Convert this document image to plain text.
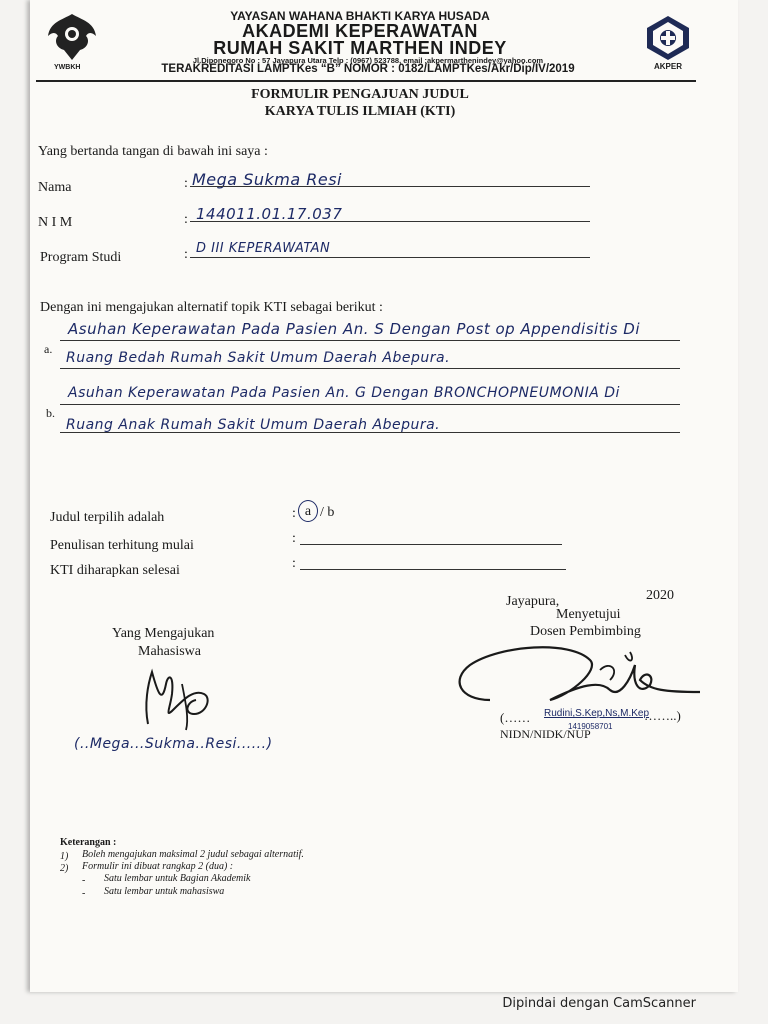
YWBKH
YAYASAN WAHANA BHAKTI KARYA HUSADA
AKADEMI KEPERAWATAN
RUMAH SAKIT MARTHEN INDEY
Jl.Diponegoro No : 57 Jayapura Utara Telp : (0967) 523788, email :akpermarthenindey@yahoo.com
TERAKREDITASI LAMPTKes “B” NOMOR : 0182/LAMPTKes/Akr/Dip/IV/2019	AKPER
FORMULIR PENGAJUAN JUDUL
KARYA TULIS ILMIAH (KTI)
Yang bertanda tangan di bawah ini saya :
Nama	: Mega Sukma Resi
N I M	: 144011.01.17.037
Program Studi	: D III KEPERAWATAN
Dengan ini mengajukan alternatif topik KTI sebagai berikut :
a.
Asuhan Keperawatan Pada Pasien An. S Dengan Post op Appendisitis Di
Ruang Bedah Rumah Sakit Umum Daerah Abepura.
b.
Asuhan Keperawatan Pada Pasien An. G Dengan BRONCHOPNEUMONIA Di
Ruang Anak Rumah Sakit Umum Daerah Abepura.
Judul terpilih adalah	: a / b
Penulisan terhitung mulai	:
KTI diharapkan selesai	:
Jayapura,	2020
Menyetujui
Dosen Pembimbing
(…… Rudini,S.Kep,Ns,M.Kep
……..)
NIDN/NIDK/NUP
1419058701
Yang Mengajukan
Mahasiswa
(..Mega...Sukma..Resi......)
Keterangan :
1) Boleh mengajukan maksimal 2 judul sebagai alternatif.
2) Formulir ini dibuat rangkap 2 (dua) :
- Satu lembar untuk Bagian Akademik
- Satu lembar untuk mahasiswa
Dipindai dengan CamScanner
